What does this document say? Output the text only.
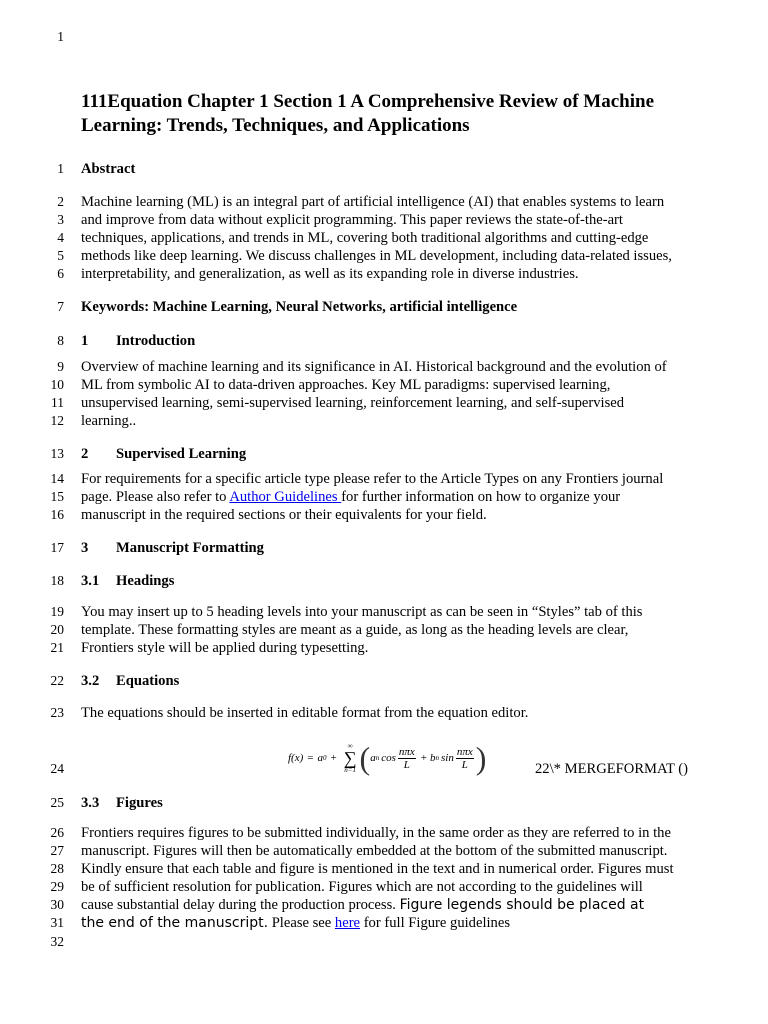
1
111Equation Chapter 1 Section 1 A Comprehensive Review of Machine Learning: Trends, Techniques, and Applications
1 Abstract
2 Machine learning (ML) is an integral part of artificial intelligence (AI) that enables systems to learn
3 and improve from data without explicit programming. This paper reviews the state-of-the-art
4 techniques, applications, and trends in ML, covering both traditional algorithms and cutting-edge
5 methods like deep learning. We discuss challenges in ML development, including data-related issues,
6 interpretability, and generalization, as well as its expanding role in diverse industries.
7 Keywords: Machine Learning, Neural Networks, artificial intelligence
8 1 Introduction
9 Overview of machine learning and its significance in AI. Historical background and the evolution of
10 ML from symbolic AI to data-driven approaches. Key ML paradigms: supervised learning,
11 unsupervised learning, semi-supervised learning, reinforcement learning, and self-supervised
12 learning..
13 2 Supervised Learning
14 For requirements for a specific article type please refer to the Article Types on any Frontiers journal
15 page. Please also refer to Author Guidelines for further information on how to organize your
16 manuscript in the required sections or their equivalents for your field.
17 3 Manuscript Formatting
18 3.1 Headings
19 You may insert up to 5 heading levels into your manuscript as can be seen in “Styles” tab of this
20 template. These formatting styles are meant as a guide, as long as the heading levels are clear,
21 Frontiers style will be applied during typesetting.
22 3.2 Equations
23 The equations should be inserted in editable format from the equation editor.
f(x) = a 0 +
∞
∑
n=1 ( a n $\cos \frac{\text{nπx}}{L} + b$ n $\sin \frac{\text{nπx}}{L}$ )
24	22\* MERGEFORMAT ()
25 3.3 Figures
26 Frontiers requires figures to be submitted individually, in the same order as they are referred to in the
27 manuscript. Figures will then be automatically embedded at the bottom of the submitted manuscript.
28 Kindly ensure that each table and figure is mentioned in the text and in numerical order. Figures must
29 be of sufficient resolution for publication. Figures which are not according to the guidelines will
30 cause substantial delay during the production process. Figure legends should be placed at
31 the end of the manuscript. Please see here for full Figure guidelines
32
